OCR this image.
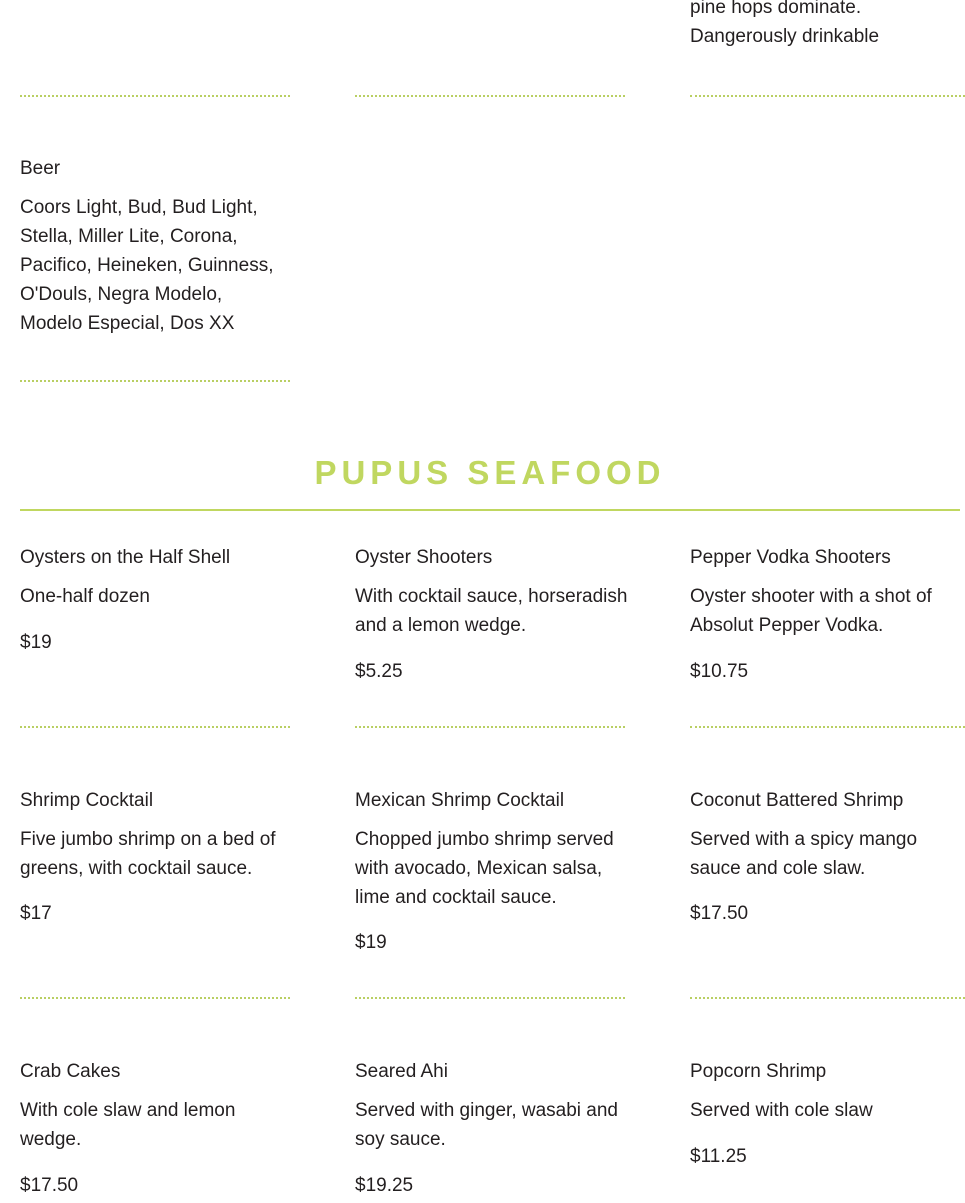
pine hops dominate.
Dangerously drinkable
Beer
Coors Light, Bud, Bud Light, Stella, Miller Lite, Corona, Pacifico, Heineken, Guinness, O'Douls, Negra Modelo, Modelo Especial, Dos XX
PUPUS SEAFOOD
Oysters on the Half Shell
One-half dozen
$19
Oyster Shooters
With cocktail sauce, horseradish and a lemon wedge.
$5.25
Pepper Vodka Shooters
Oyster shooter with a shot of Absolut Pepper Vodka.
$10.75
Shrimp Cocktail
Five jumbo shrimp on a bed of greens, with cocktail sauce.
$17
Mexican Shrimp Cocktail
Chopped jumbo shrimp served with avocado, Mexican salsa, lime and cocktail sauce.
$19
Coconut Battered Shrimp
Served with a spicy mango sauce and cole slaw.
$17.50
Crab Cakes
With cole slaw and lemon wedge.
$17.50
Seared Ahi
Served with ginger, wasabi and soy sauce.
$19.25
Popcorn Shrimp
Served with cole slaw
$11.25
